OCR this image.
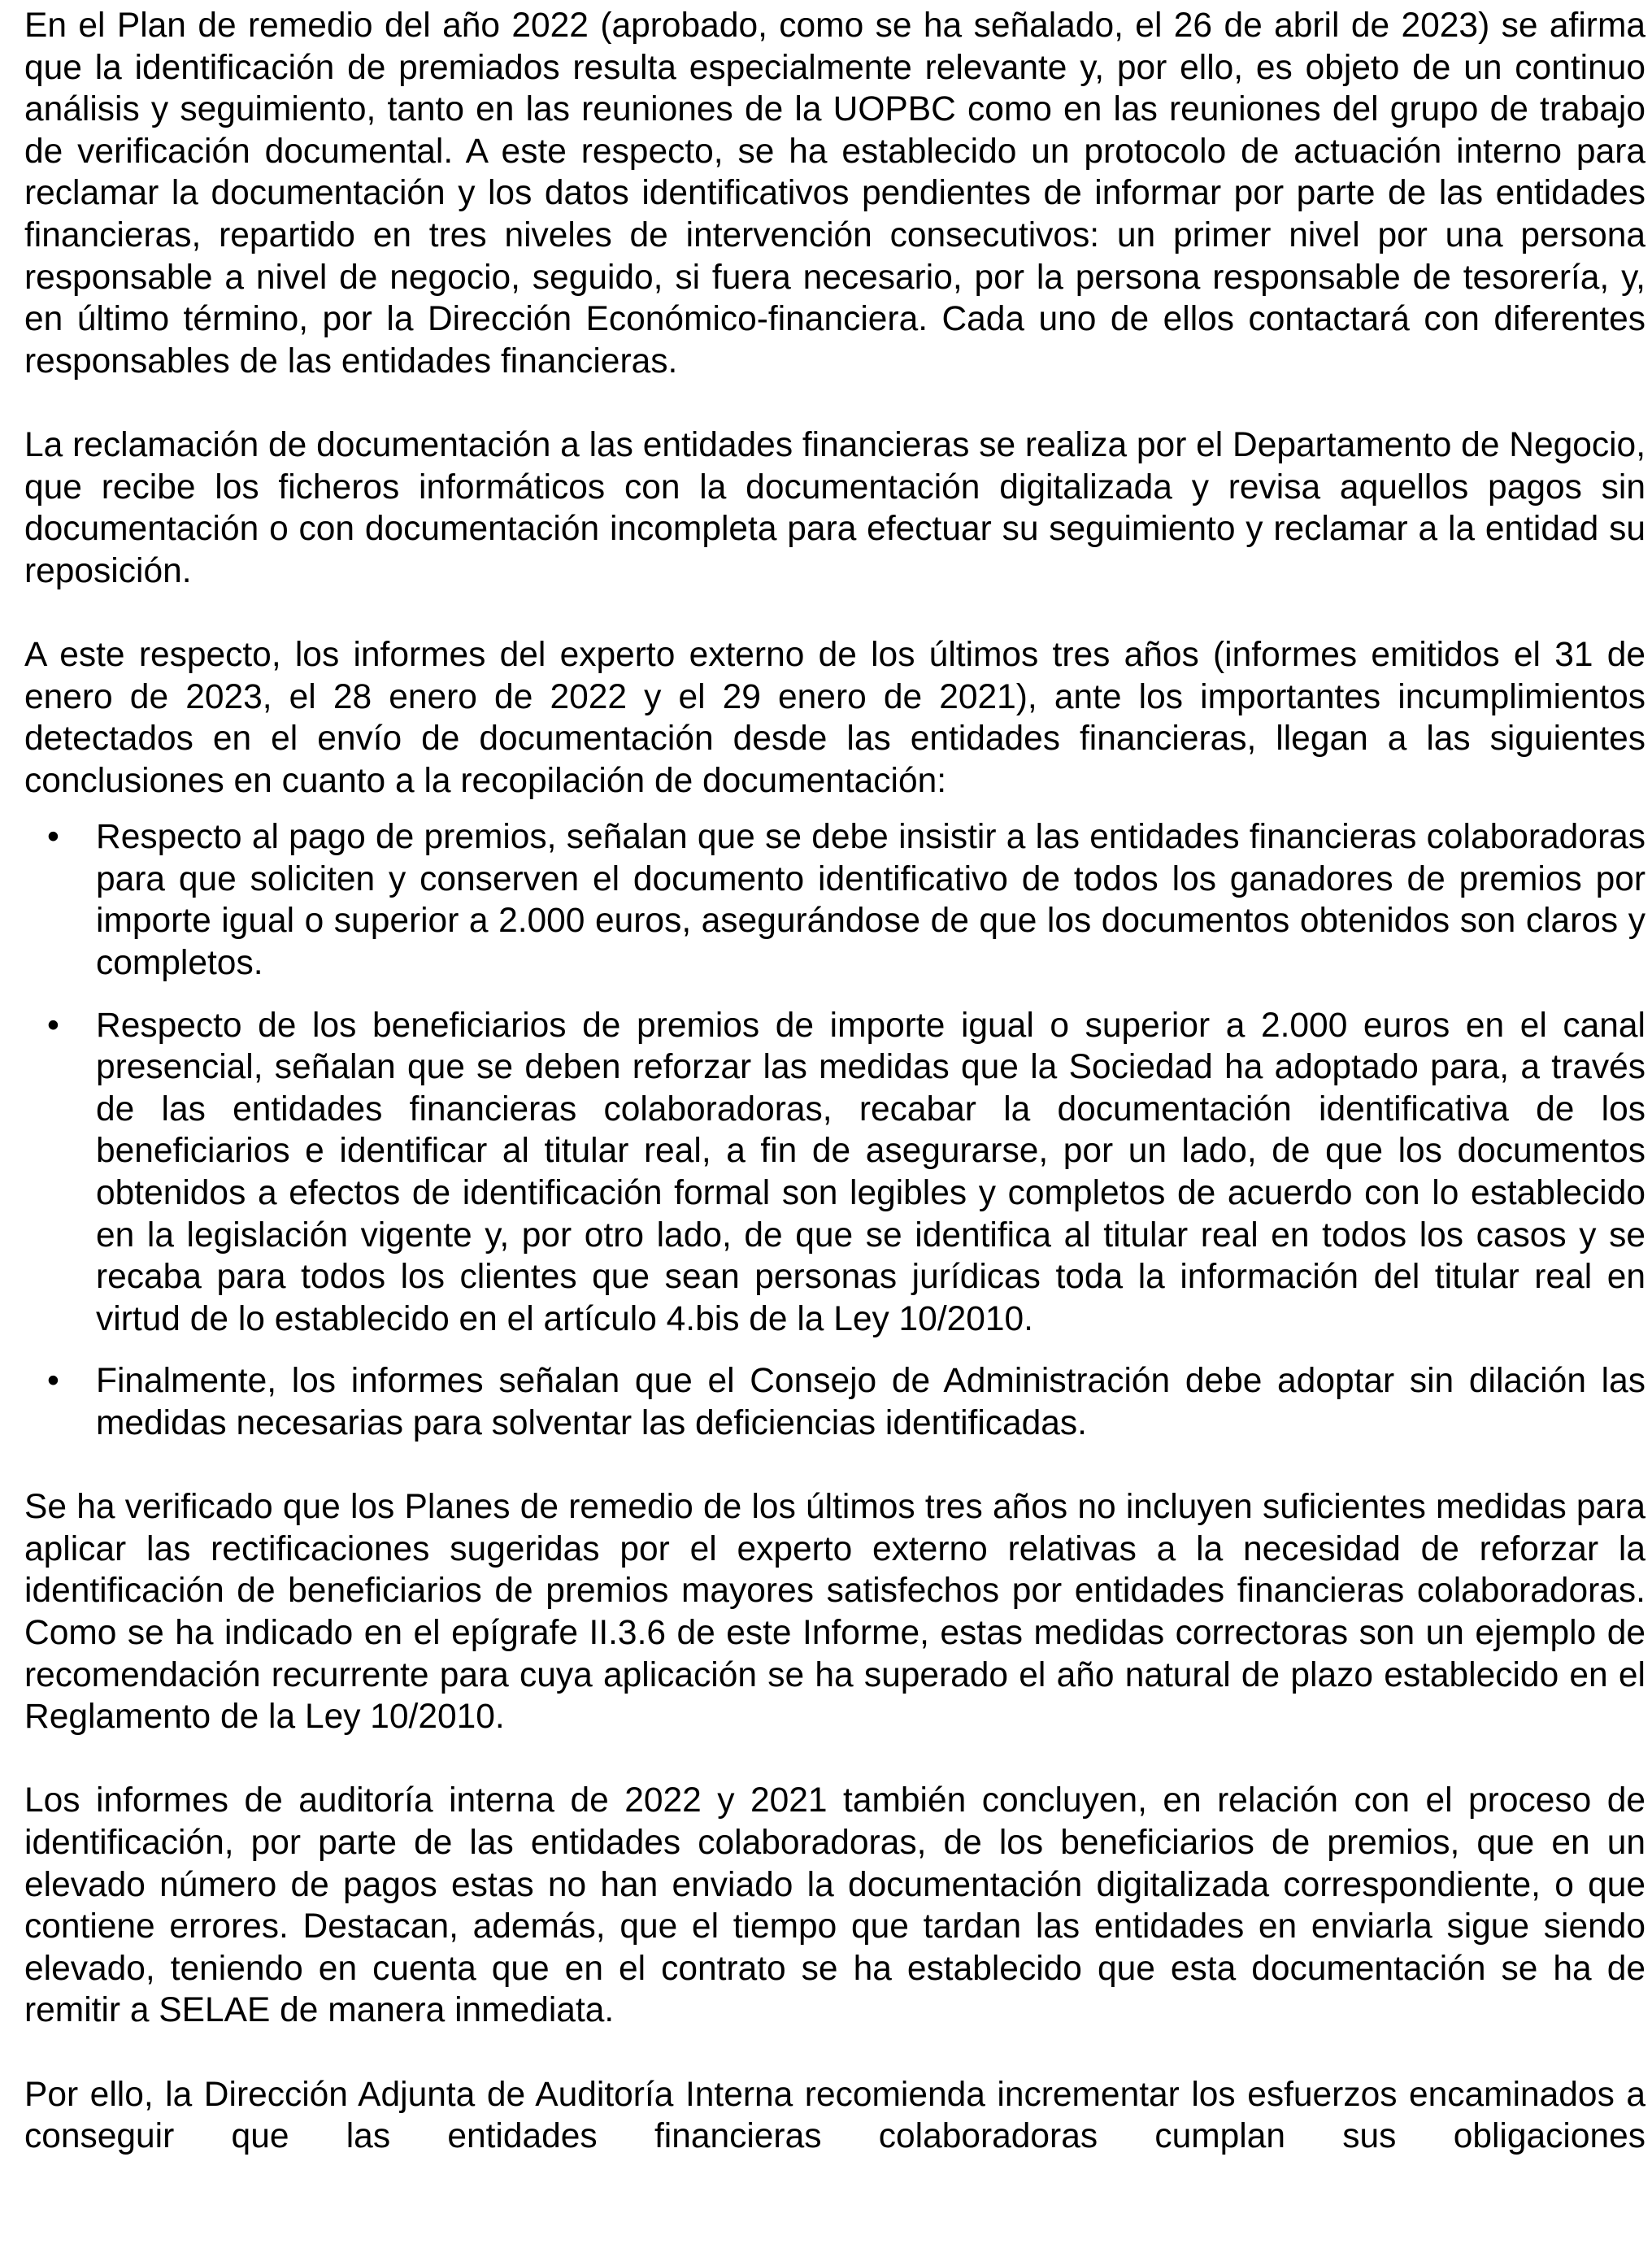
En el Plan de remedio del año 2022 (aprobado, como se ha señalado, el 26 de abril de 2023) se afirma que la identificación de premiados resulta especialmente relevante y, por ello, es objeto de un continuo análisis y seguimiento, tanto en las reuniones de la UOPBC como en las reuniones del grupo de trabajo de verificación documental. A este respecto, se ha establecido un protocolo de actuación interno para reclamar la documentación y los datos identificativos pendientes de informar por parte de las entidades financieras, repartido en tres niveles de intervención consecutivos: un primer nivel por una persona responsable a nivel de negocio, seguido, si fuera necesario, por la persona responsable de tesorería, y, en último término, por la Dirección Económico-financiera. Cada uno de ellos contactará con diferentes responsables de las entidades financieras.

La reclamación de documentación a las entidades financieras se realiza por el Departamento de Negocio, que recibe los ficheros informáticos con la documentación digitalizada y revisa aquellos pagos sin documentación o con documentación incompleta para efectuar su seguimiento y reclamar a la entidad su reposición.

A este respecto, los informes del experto externo de los últimos tres años (informes emitidos el 31 de enero de 2023, el 28 enero de 2022 y el 29 enero de 2021), ante los importantes incumplimientos detectados en el envío de documentación desde las entidades financieras, llegan a las siguientes conclusiones en cuanto a la recopilación de documentación:

•	Respecto al pago de premios, señalan que se debe insistir a las entidades financieras colaboradoras para que soliciten y conserven el documento identificativo de todos los ganadores de premios por importe igual o superior a 2.000 euros, asegurándose de que los documentos obtenidos son claros y completos.
•	Respecto de los beneficiarios de premios de importe igual o superior a 2.000 euros en el canal presencial, señalan que se deben reforzar las medidas que la Sociedad ha adoptado para, a través de las entidades financieras colaboradoras, recabar la documentación identificativa de los beneficiarios e identificar al titular real, a fin de asegurarse, por un lado, de que los documentos obtenidos a efectos de identificación formal son legibles y completos de acuerdo con lo establecido en la legislación vigente y, por otro lado, de que se identifica al titular real en todos los casos y se recaba para todos los clientes que sean personas jurídicas toda la información del titular real en virtud de lo establecido en el artículo 4.bis de la Ley 10/2010.
•	Finalmente, los informes señalan que el Consejo de Administración debe adoptar sin dilación las medidas necesarias para solventar las deficiencias identificadas.

Se ha verificado que los Planes de remedio de los últimos tres años no incluyen suficientes medidas para aplicar las rectificaciones sugeridas por el experto externo relativas a la necesidad de reforzar la identificación de beneficiarios de premios mayores satisfechos por entidades financieras colaboradoras. Como se ha indicado en el epígrafe II.3.6 de este Informe, estas medidas correctoras son un ejemplo de recomendación recurrente para cuya aplicación se ha superado el año natural de plazo establecido en el Reglamento de la Ley 10/2010.

Los informes de auditoría interna de 2022 y 2021 también concluyen, en relación con el proceso de identificación, por parte de las entidades colaboradoras, de los beneficiarios de premios, que en un elevado número de pagos estas no han enviado la documentación digitalizada correspondiente, o que contiene errores. Destacan, además, que el tiempo que tardan las entidades en enviarla sigue siendo elevado, teniendo en cuenta que en el contrato se ha establecido que esta documentación se ha de remitir a SELAE de manera inmediata.

Por ello, la Dirección Adjunta de Auditoría Interna recomienda incrementar los esfuerzos encaminados a conseguir que las entidades financieras colaboradoras cumplan sus obligaciones
